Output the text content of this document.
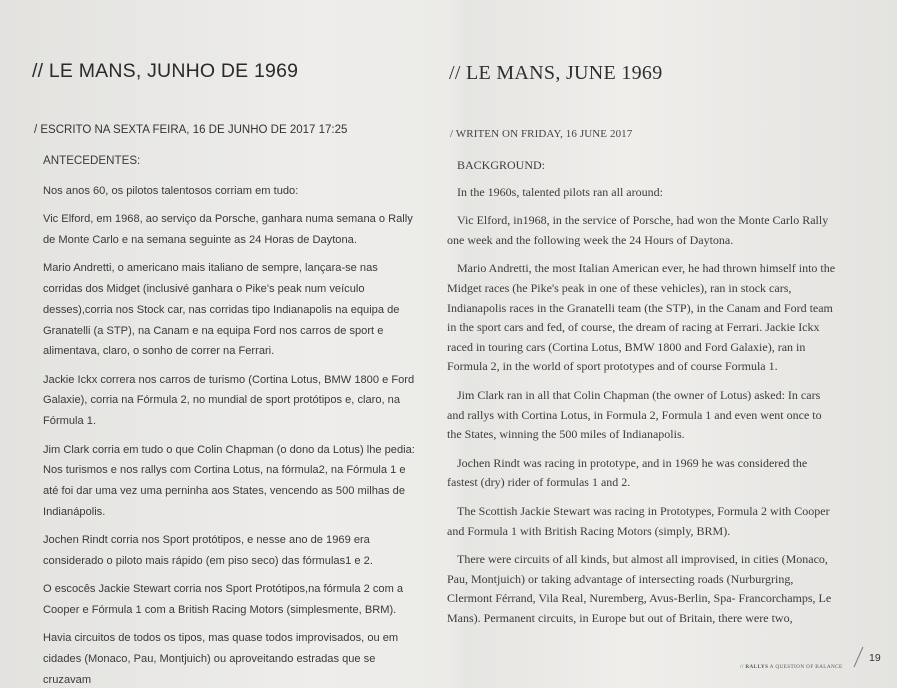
// LE MANS, JUNHO DE 1969
/ ESCRITO NA SEXTA FEIRA, 16 DE JUNHO DE 2017 17:25

ANTECEDENTES:

Nos anos 60, os pilotos talentosos corriam em tudo:

Vic Elford, em 1968, ao serviço da Porsche, ganhara numa semana o Rally de Monte Carlo e na semana seguinte as 24 Horas de Daytona.

Mario Andretti, o americano mais italiano de sempre, lançara-se nas corridas dos Midget (inclusivé ganhara o Pike's peak num veículo desses),corria nos Stock car, nas corridas tipo Indianapolis na equipa de Granatelli (a STP), na Canam e na equipa Ford nos carros de sport e alimentava, claro, o sonho de correr na Ferrari.

Jackie Ickx correra nos carros de turismo (Cortina Lotus, BMW 1800 e Ford Galaxie), corria na Fórmula 2, no mundial de sport protótipos e, claro, na Fórmula 1.

Jim Clark corria em tudo o que Colin Chapman (o dono da Lotus) lhe pedia: Nos turismos e nos rallys com Cortina Lotus, na fórmula2, na Fórmula 1 e até foi dar uma vez uma perninha aos States, vencendo as 500 milhas de Indianápolis.

Jochen Rindt corria nos Sport protótipos, e nesse ano de 1969 era considerado o piloto mais rápido (em piso seco) das fórmulas1 e 2.

O escocês Jackie Stewart corria nos Sport Protótipos,na fórmula 2 com a Cooper e Fórmula 1 com a British Racing Motors (simplesmente, BRM).

Havia circuitos de todos os tipos, mas quase todos improvisados, ou em cidades (Monaco, Pau, Montjuich) ou aproveitando estradas que se cruzavam

// LE MANS, JUNE 1969
/ WRITEN ON FRIDAY, 16 JUNE 2017

BACKGROUND:

In the 1960s, talented pilots ran all around:

Vic Elford, in1968, in the service of Porsche, had won the Monte Carlo Rally one week and the following week the 24 Hours of Daytona.

Mario Andretti, the most Italian American ever, he had thrown himself into the Midget races (he Pike's peak in one of these vehicles), ran in stock cars, Indianapolis races in the Granatelli team (the STP), in the Canam and Ford team in the sport cars and fed, of course, the dream of racing at Ferrari. Jackie Ickx raced in touring cars (Cortina Lotus, BMW 1800 and Ford Galaxie), ran in Formula 2, in the world of sport prototypes and of course Formula 1.

Jim Clark ran in all that Colin Chapman (the owner of Lotus) asked: In cars and rallys with Cortina Lotus, in Formula 2, Formula 1 and even went once to the States, winning the 500 miles of Indianapolis.

Jochen Rindt was racing in prototype, and in 1969 he was considered the fastest (dry) rider of formulas 1 and 2.

The Scottish Jackie Stewart was racing in Prototypes, Formula 2 with Cooper and Formula 1 with British Racing Motors (simply, BRM).

There were circuits of all kinds, but almost all improvised, in cities (Monaco, Pau, Montjuich) or taking advantage of intersecting roads (Nurburgring, Clermont Férrand, Vila Real, Nuremberg, Avus-Berlin, Spa- Francorchamps, Le Mans). Permanent circuits, in Europe but out of Britain, there were two,

// RALLYS A QUESTION OF BALANCE
19
